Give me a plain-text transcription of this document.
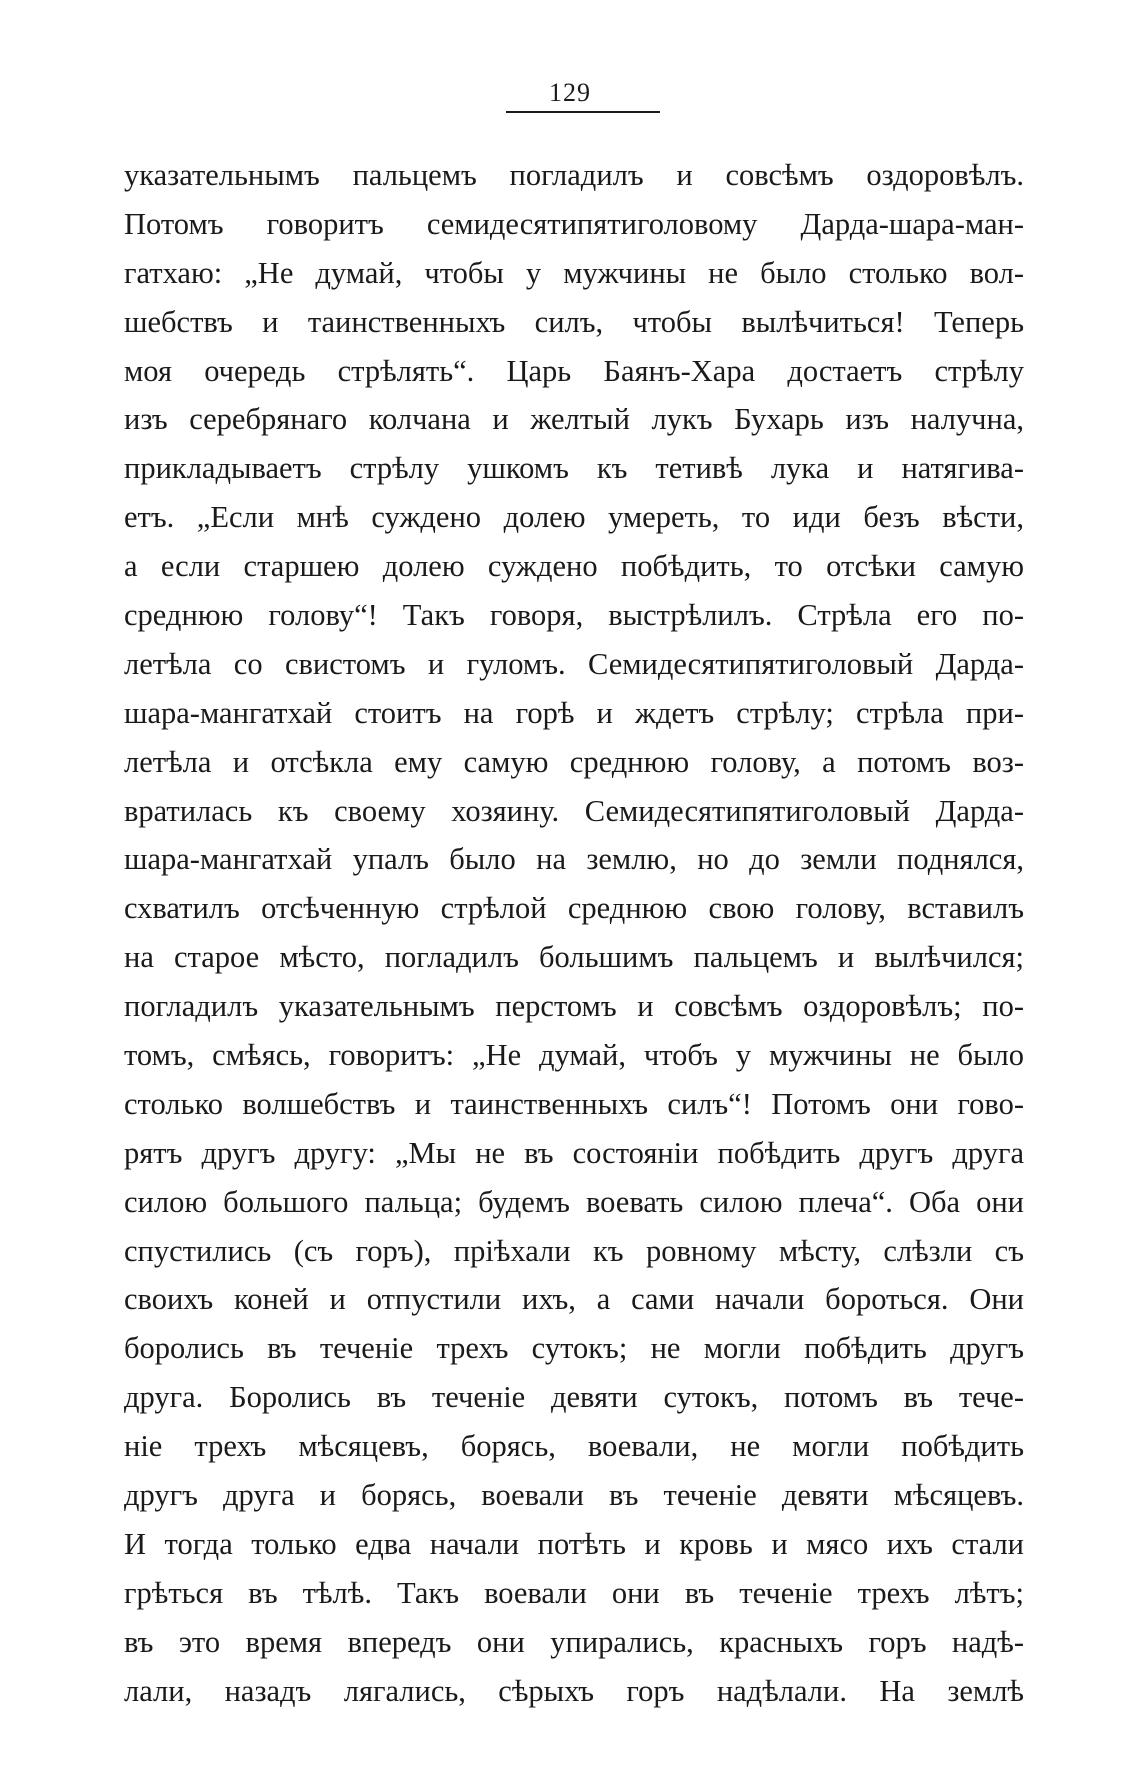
129
указательнымъ пальцемъ погладилъ и совсѣмъ оздоровѣлъ.
Потомъ говоритъ семидесятипятиголовому Дарда-шара-ман-
гатхаю: „Не думай, чтобы у мужчины не было столько вол-
шебствъ и таинственныхъ силъ, чтобы вылѣчиться! Теперь
моя очередь стрѣлять“. Царь Баянъ-Хара достаетъ стрѣлу
изъ серебрянаго колчана и желтый лукъ Бухарь изъ налучна,
прикладываетъ стрѣлу ушкомъ къ тетивѣ лука и натягива-
етъ. „Если мнѣ суждено долею умереть, то иди безъ вѣсти,
а если старшею долею суждено побѣдить, то отсѣки самую
среднюю голову“! Такъ говоря, выстрѣлилъ. Стрѣла его по-
летѣла со свистомъ и гуломъ. Семидесятипятиголовый Дарда-
шара-мангатхай стоитъ на горѣ и ждетъ стрѣлу; стрѣла при-
летѣла и отсѣкла ему самую среднюю голову, а потомъ воз-
вратилась къ своему хозяину. Семидесятипятиголовый Дарда-
шара-мангатхай упалъ было на землю, но до земли поднялся,
схватилъ отсѣченную стрѣлой среднюю свою голову, вставилъ
на старое мѣсто, погладилъ большимъ пальцемъ и вылѣчился;
погладилъ указательнымъ перстомъ и совсѣмъ оздоровѣлъ; по-
томъ, смѣясь, говоритъ: „Не думай, чтобъ у мужчины не было
столько волшебствъ и таинственныхъ силъ“! Потомъ они гово-
рятъ другъ другу: „Мы не въ состояніи побѣдить другъ друга
силою большого пальца; будемъ воевать силою плеча“. Оба они
спустились (съ горъ), пріѣхали къ ровному мѣсту, слѣзли съ
своихъ коней и отпустили ихъ, а сами начали бороться. Они
боролись въ теченіе трехъ сутокъ; не могли побѣдить другъ
друга. Боролись въ теченіе девяти сутокъ, потомъ въ тече-
ніе трехъ мѣсяцевъ, борясь, воевали, не могли побѣдить
другъ друга и борясь, воевали въ теченіе девяти мѣсяцевъ.
И тогда только едва начали потѣть и кровь и мясо ихъ стали
грѣться въ тѣлѣ. Такъ воевали они въ теченіе трехъ лѣтъ;
въ это время впередъ они упирались, красныхъ горъ надѣ-
лали, назадъ лягались, сѣрыхъ горъ надѣлали. На землѣ
